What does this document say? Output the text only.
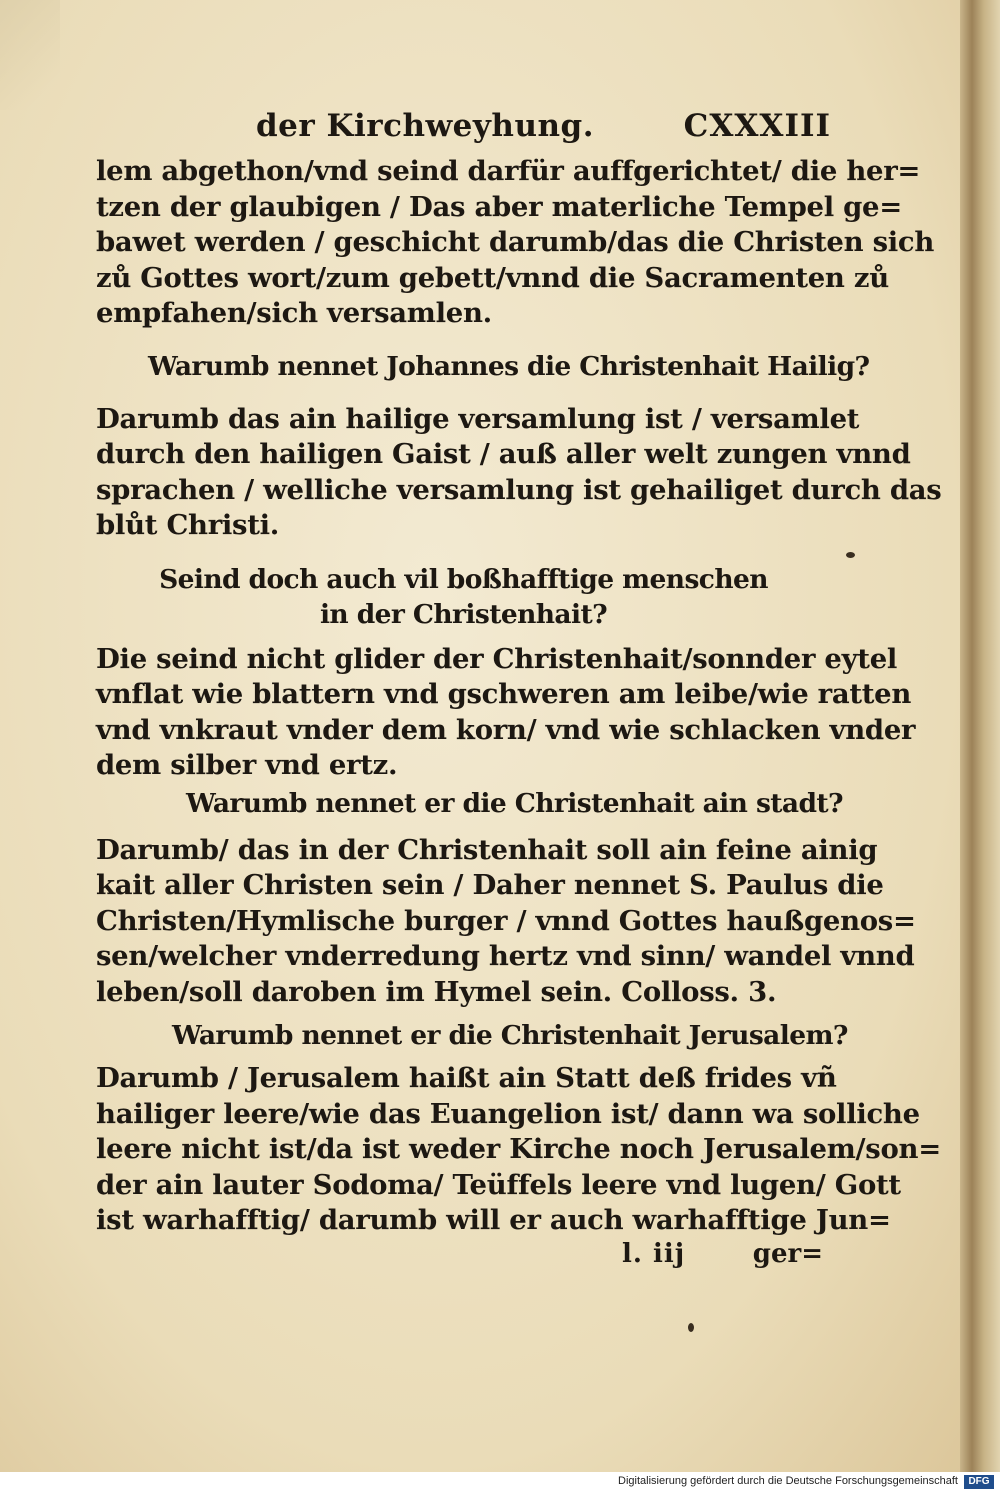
der Kirchweyhung.	CXXXIII
lem abgethon/vnd seind darfür auffgerichtet/ die her=
tzen der glaubigen / Das aber materliche Tempel ge=
bawet werden / geschicht darumb/das die Christen sich
zů Gottes wort/zum gebett/vnnd die Sacramenten zů
empfahen/sich versamlen.
Warumb nennet Johannes die Christenhait Hailig?
Darumb das ain hailige versamlung ist / versamlet
durch den hailigen Gaist / auß aller welt zungen vnnd
sprachen / welliche versamlung ist gehailiget durch das
blůt Christi.
Seind doch auch vil boßhafftige menschen
in der Christenhait?
Die seind nicht glider der Christenhait/sonnder eytel
vnflat wie blattern vnd gschweren am leibe/wie ratten
vnd vnkraut vnder dem korn/ vnd wie schlacken vnder
dem silber vnd ertz.
Warumb nennet er die Christenhait ain stadt?
Darumb/ das in der Christenhait soll ain feine ainig
kait aller Christen sein / Daher nennet S. Paulus die
Christen/Hymlische burger / vnnd Gottes haußgenos=
sen/welcher vnderredung hertz vnd sinn/ wandel vnnd
leben/soll daroben im Hymel sein. Colloss. 3.
Warumb nennet er die Christenhait Jerusalem?
Darumb / Jerusalem haißt ain Statt deß frides vñ
hailiger leere/wie das Euangelion ist/ dann wa solliche
leere nicht ist/da ist weder Kirche noch Jerusalem/son=
der ain lauter Sodoma/ Teüffels leere vnd lugen/ Gott
ist warhafftig/ darumb will er auch warhafftige Jun=
l. iij	ger=
Digitalisierung gefördert durch die Deutsche Forschungsgemeinschaft	DFG
